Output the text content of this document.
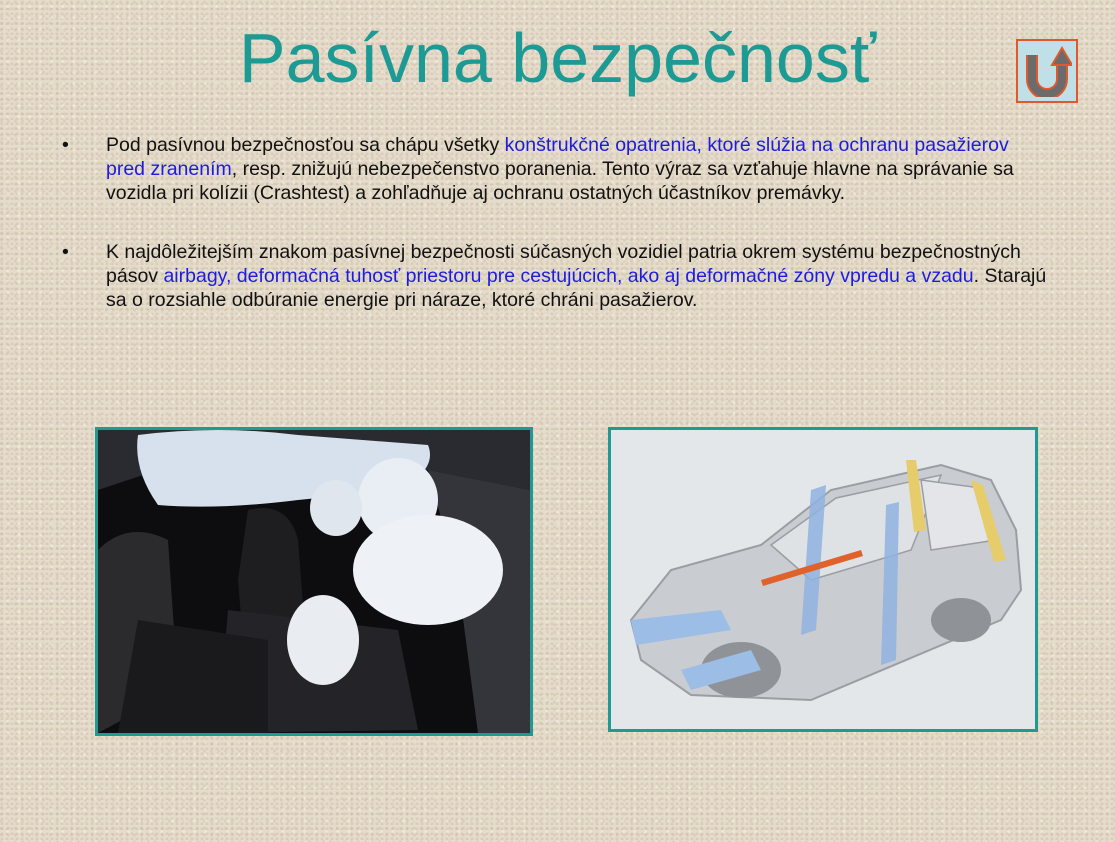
Pasívna bezpečnosť
• Pod pasívnou bezpečnosťou sa chápu všetky konštrukčné opatrenia, ktoré slúžia na ochranu pasažierov pred zranením, resp. znižujú nebezpečenstvo poranenia. Tento výraz sa vzťahuje hlavne na správanie sa vozidla pri kolízii (Crashtest) a zohľadňuje aj ochranu ostatných účastníkov premávky.
• K najdôležitejším znakom pasívnej bezpečnosti súčasných vozidiel patria okrem systému bezpečnostných pásov airbagy, deformačná tuhosť priestoru pre cestujúcich, ako aj deformačné zóny vpredu a vzadu. Starajú sa o rozsiahle odbúranie energie pri náraze, ktoré chráni pasažierov.
